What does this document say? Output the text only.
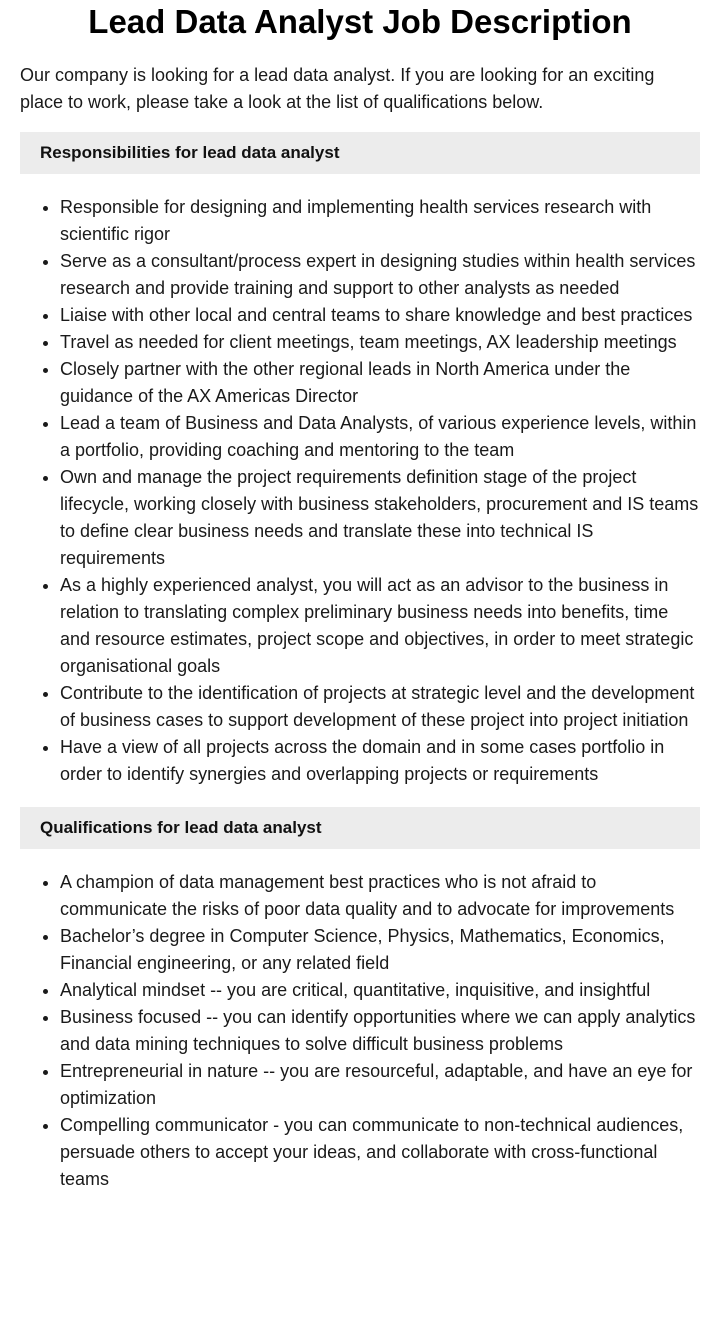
Lead Data Analyst Job Description

Our company is looking for a lead data analyst. If you are looking for an exciting place to work, please take a look at the list of qualifications below.

Responsibilities for lead data analyst
• Responsible for designing and implementing health services research with scientific rigor
• Serve as a consultant/process expert in designing studies within health services research and provide training and support to other analysts as needed
• Liaise with other local and central teams to share knowledge and best practices
• Travel as needed for client meetings, team meetings, AX leadership meetings
• Closely partner with the other regional leads in North America under the guidance of the AX Americas Director
• Lead a team of Business and Data Analysts, of various experience levels, within a portfolio, providing coaching and mentoring to the team
• Own and manage the project requirements definition stage of the project lifecycle, working closely with business stakeholders, procurement and IS teams to define clear business needs and translate these into technical IS requirements
• As a highly experienced analyst, you will act as an advisor to the business in relation to translating complex preliminary business needs into benefits, time and resource estimates, project scope and objectives, in order to meet strategic organisational goals
• Contribute to the identification of projects at strategic level and the development of business cases to support development of these project into project initiation
• Have a view of all projects across the domain and in some cases portfolio in order to identify synergies and overlapping projects or requirements
Qualifications for lead data analyst
• A champion of data management best practices who is not afraid to communicate the risks of poor data quality and to advocate for improvements
• Bachelor’s degree in Computer Science, Physics, Mathematics, Economics, Financial engineering, or any related field
• Analytical mindset -- you are critical, quantitative, inquisitive, and insightful
• Business focused -- you can identify opportunities where we can apply analytics and data mining techniques to solve difficult business problems
• Entrepreneurial in nature -- you are resourceful, adaptable, and have an eye for optimization
• Compelling communicator - you can communicate to non-technical audiences, persuade others to accept your ideas, and collaborate with cross-functional teams
